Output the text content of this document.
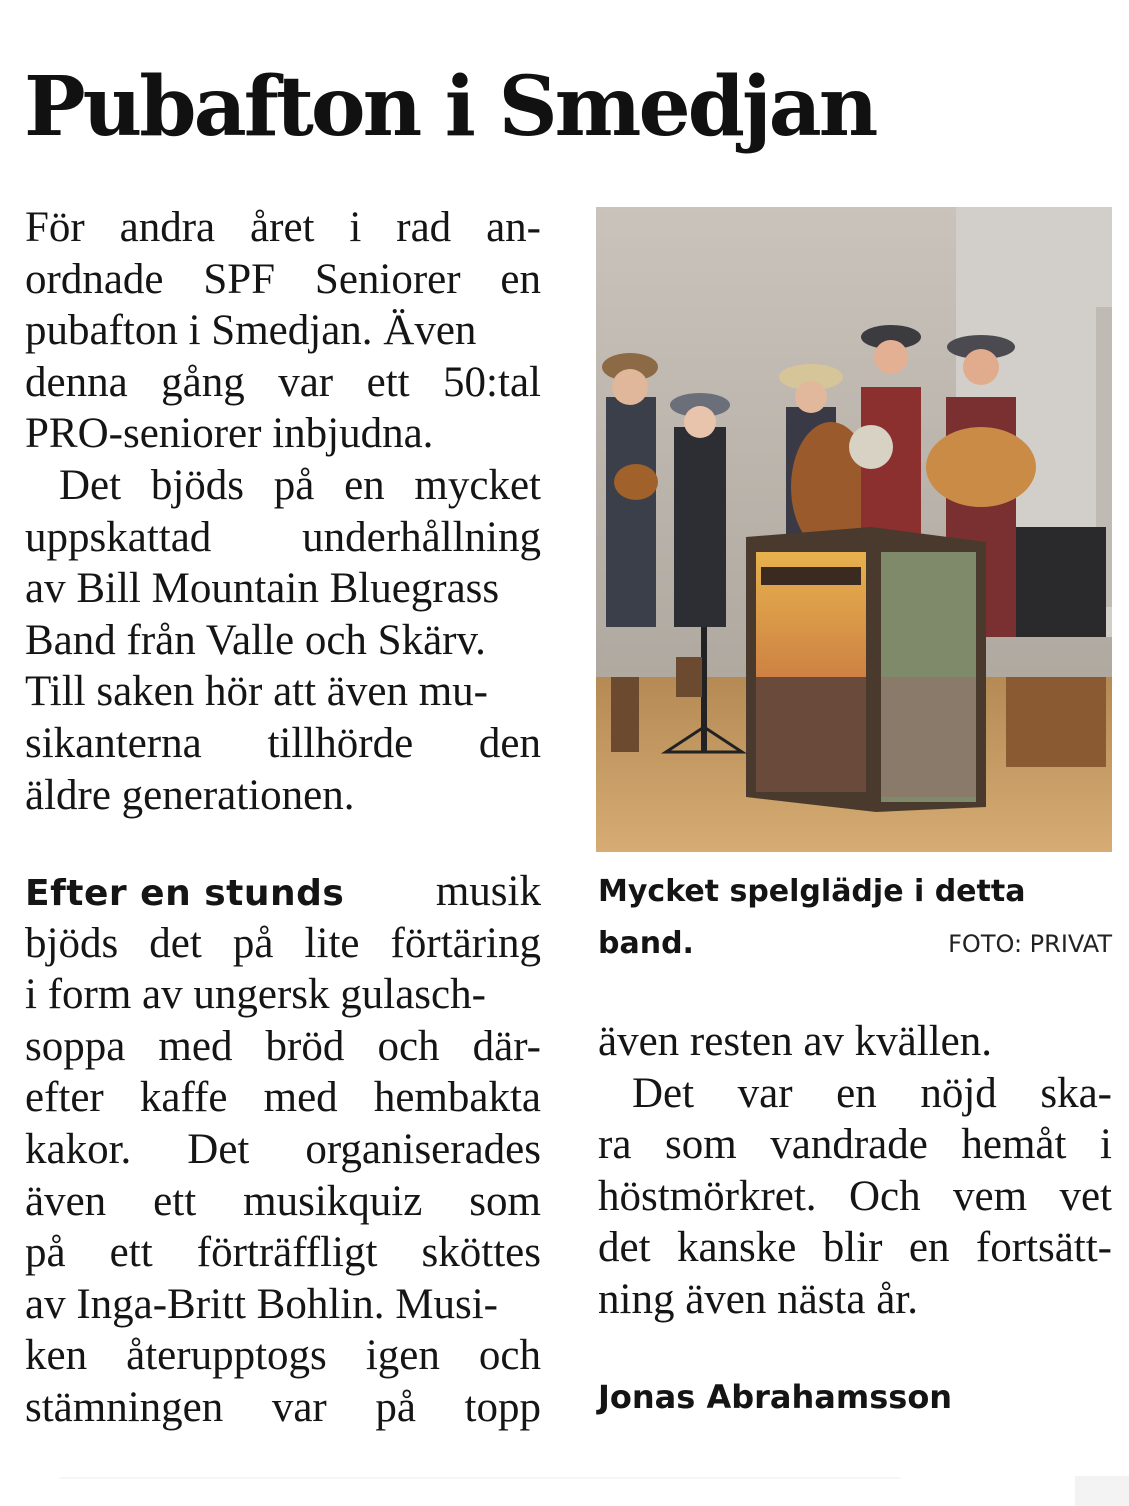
Pubafton i Smedjan
För andra året i rad an-
ordnade SPF Seniorer en
pubafton i Smedjan. Även
denna gång var ett 50:tal
PRO-seniorer inbjudna.
Det bjöds på en mycket
uppskattad underhållning
av Bill Mountain Bluegrass
Band från Valle och Skärv.
Till saken hör att även mu-
sikanterna tillhörde den
äldre generationen.
Efter en stunds musik
bjöds det på lite förtäring
i form av ungersk gulasch-
soppa med bröd och där-
efter kaffe med hembakta
kakor. Det organiserades
även ett musikquiz som
på ett förträffligt sköttes
av Inga-Britt Bohlin. Musi-
ken återupptogs igen och
stämningen var på topp
Mycket spelglädje i detta
band.	FOTO: PRIVAT
även resten av kvällen.
Det var en nöjd ska-
ra som vandrade hemåt i
höstmörkret. Och vem vet
det kanske blir en fortsätt-
ning även nästa år.
Jonas Abrahamsson
